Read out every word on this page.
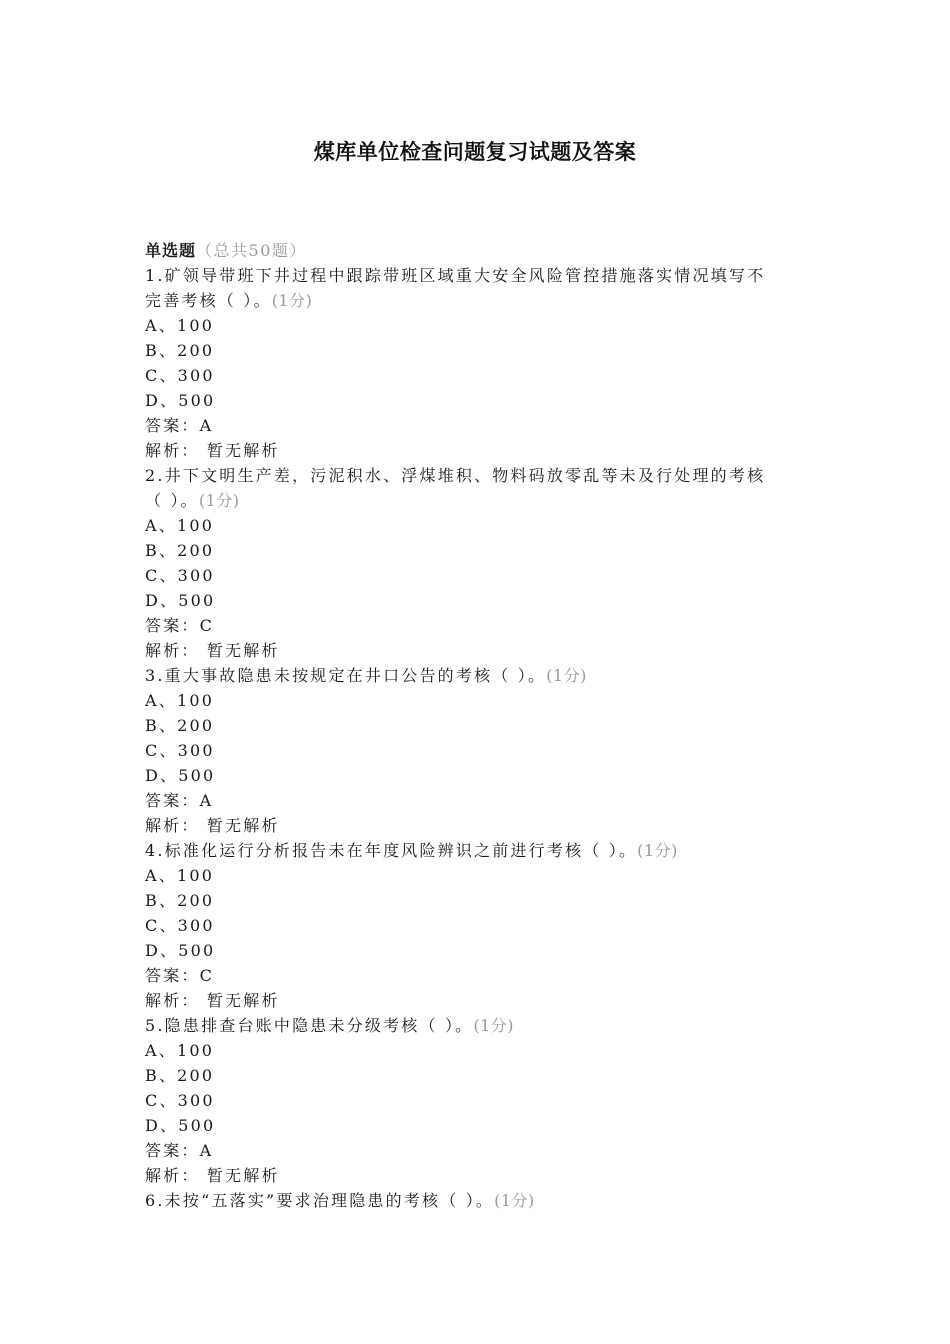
煤库单位检查问题复习试题及答案
单选题（总共50题）
1.矿领导带班下井过程中跟踪带班区域重大安全风险管控措施落实情况填写不
完善考核（ ）。(1分)
A、100
B、200
C、300
D、500
答案：A
解析： 暂无解析
2.井下文明生产差，污泥积水、浮煤堆积、物料码放零乱等未及行处理的考核
（ ）。(1分)
A、100
B、200
C、300
D、500
答案：C
解析： 暂无解析
3.重大事故隐患未按规定在井口公告的考核（ ）。(1分)
A、100
B、200
C、300
D、500
答案：A
解析： 暂无解析
4.标准化运行分析报告未在年度风险辨识之前进行考核（ ）。(1分)
A、100
B、200
C、300
D、500
答案：C
解析： 暂无解析
5.隐患排查台账中隐患未分级考核（ ）。(1分)
A、100
B、200
C、300
D、500
答案：A
解析： 暂无解析
6.未按“五落实”要求治理隐患的考核（ ）。(1分)
